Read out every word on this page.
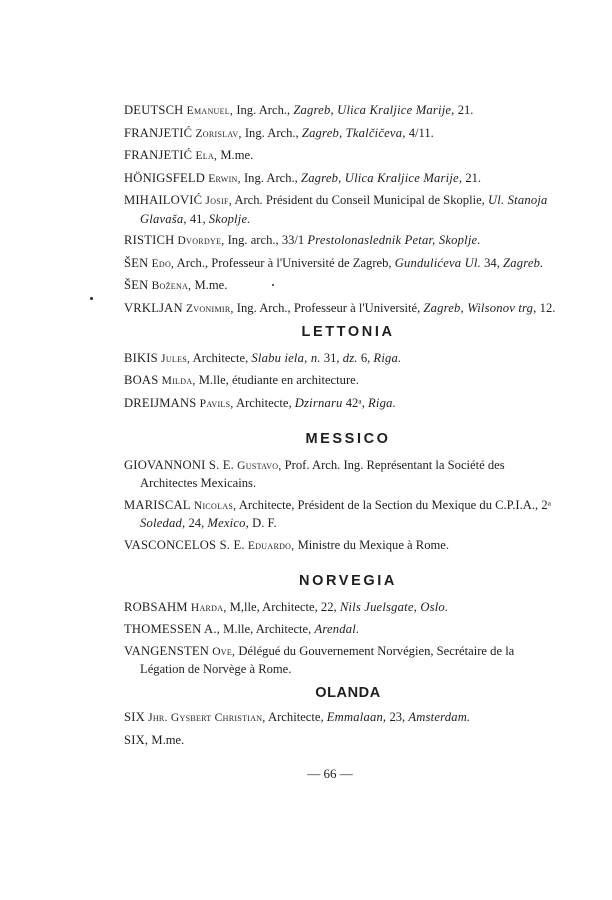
DEUTSCH Emanuel, Ing. Arch., Zagreb, Ulica Kraljice Marije, 21.
FRANJETIĆ Zorislav, Ing. Arch., Zagreb, Tkalčičeva, 4/11.
FRANJETIĆ Ela, M.me.
HÖNIGSFELD Erwin, Ing. Arch., Zagreb, Ulica Kraljice Marije, 21.
MIHAILOVIĆ Josif, Arch. Président du Conseil Municipal de Skoplie, Ul. Stanoja Glavaša, 41, Skoplje.
RISTICH Dvordye, Ing. arch., 33/1 Prestolonaslednik Petar, Skoplje.
ŠEN Edo, Arch., Professeur à l'Université de Zagreb, Gundulićeva Ul. 34, Zagreb.
ŠEN Božena, M.me.
VRKLJAN Zvonimir, Ing. Arch., Professeur à l'Université, Zagreb, Wilsonov trg, 12.
LETTONIA
BIKIS Jules, Architecte, Slabu iela, n. 31, dz. 6, Riga.
BOAS Milda, M.lle, étudiante en architecture.
DREIJMANS Pavils, Architecte, Dzirnaru 42ᵃ, Riga.
MESSICO
GIOVANNONI S. E. Gustavo, Prof. Arch. Ing. Représentant la Société des Architectes Mexicains.
MARISCAL Nicolas, Architecte, Président de la Section du Mexique du C.P.I.A., 2ᵃ Soledad, 24, Mexico, D. F.
VASCONCELOS S. E. Eduardo, Ministre du Mexique à Rome.
NORVEGIA
ROBSAHM Harda, M,lle, Architecte, 22, Nils Juelsgate, Oslo.
THOMESSEN A., M.lle, Architecte, Arendal.
VANGENSTEN Ove, Délégué du Gouvernement Norvégien, Secrétaire de la Légation de Norvège à Rome.
OLANDA
SIX Jhr. Gysbert Christian, Architecte, Emmalaan, 23, Amsterdam.
SIX, M.me.
— 66 —
